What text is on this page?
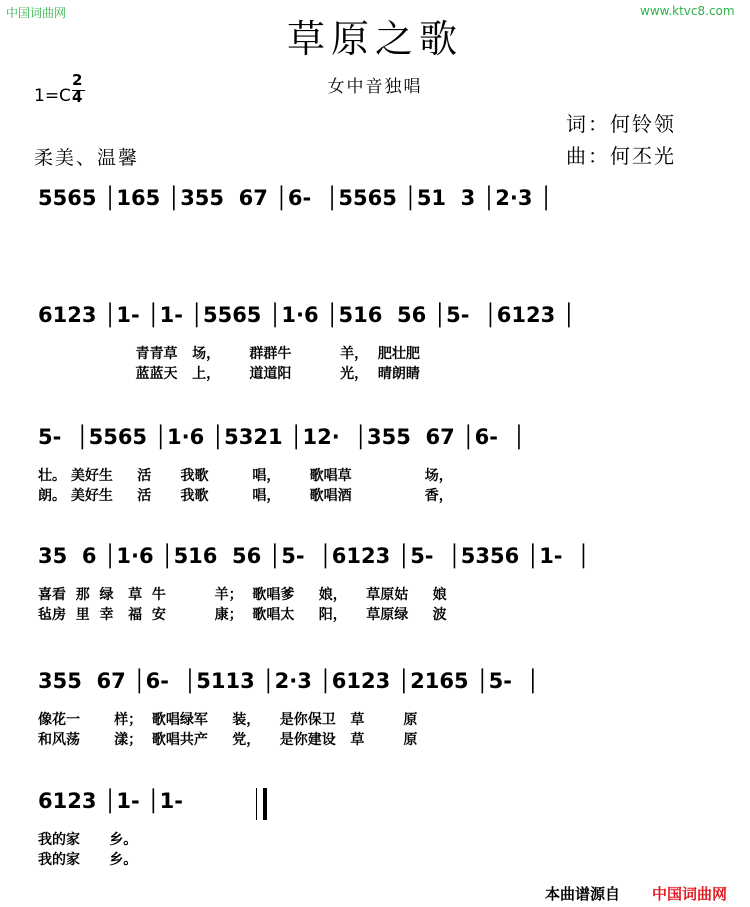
中国词曲网	www.ktvc8.com
草原之歌
女中音独唱
1=C
2
4
词：何铃领
曲：何丕光
柔美、温馨
5565 │165 │355  67 │6-  │5565 │51  3 │2·3 │
6123 │1- │1- │5565 │1·6 │516  56 │5-  │6123 │
青青草   场，      群群牛          羊，  肥壮肥
蓝蓝天   上，      道道阳          光，  晴朗睛
5-  │5565 │1·6 │5321 │12·  │355  67 │6-  │
壮。 美好生     活      我歌         唱，      歌唱草               场，
朗。 美好生     活      我歌         唱，      歌唱酒               香，
35  6 │1·6 │516  56 │5-  │6123 │5-  │5356 │1-  │
喜看  那  绿   草  牛          羊；  歌唱爹     娘，    草原姑     娘
毡房  里  幸   福  安          康；  歌唱太     阳，    草原绿     波
355  67 │6-  │5113 │2·3 │6123 │2165 │5-  │
像花一       样；  歌唱绿军     装，    是你保卫   草        原
和风荡       漾；  歌唱共产     党，    是你建设   草        原
6123 │1- │1-
我的家      乡。
我的家      乡。
本曲谱源自 中国词曲网
